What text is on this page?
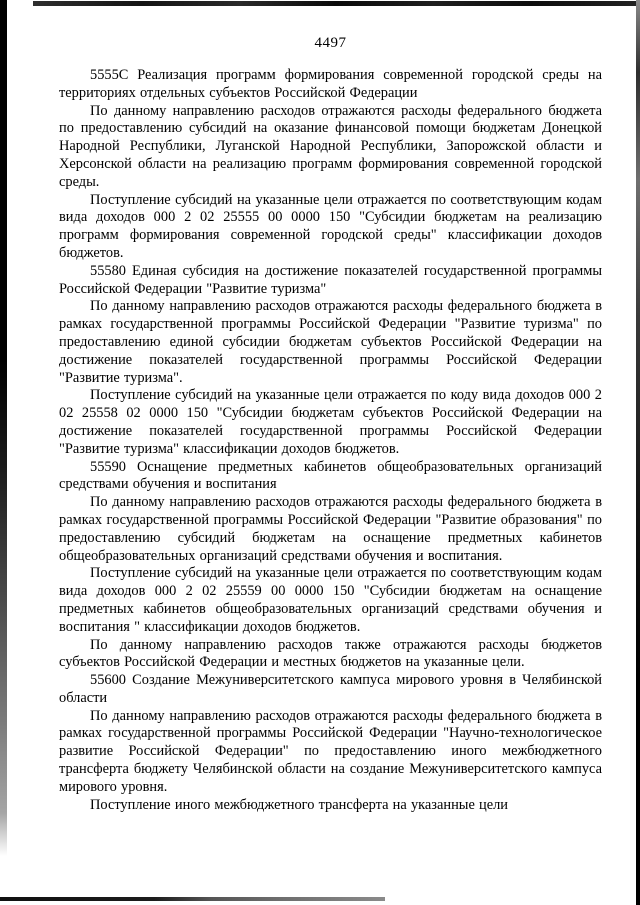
4497

5555C Реализация программ формирования современной городской среды на территориях отдельных субъектов Российской Федерации

По данному направлению расходов отражаются расходы федерального бюджета по предоставлению субсидий на оказание финансовой помощи бюджетам Донецкой Народной Республики, Луганской Народной Республики, Запорожской области и Херсонской области на реализацию программ формирования современной городской среды.

Поступление субсидий на указанные цели отражается по соответствующим кодам вида доходов 000 2 02 25555 00 0000 150 "Субсидии бюджетам на реализацию программ формирования современной городской среды" классификации доходов бюджетов.

55580 Единая субсидия на достижение показателей государственной программы Российской Федерации "Развитие туризма"

По данному направлению расходов отражаются расходы федерального бюджета в рамках государственной программы Российской Федерации "Развитие туризма" по предоставлению единой субсидии бюджетам субъектов Российской Федерации на достижение показателей государственной программы Российской Федерации "Развитие туризма".

Поступление субсидий на указанные цели отражается по коду вида доходов 000 2 02 25558 02 0000 150 "Субсидии бюджетам субъектов Российской Федерации на достижение показателей государственной программы Российской Федерации "Развитие туризма" классификации доходов бюджетов.

55590 Оснащение предметных кабинетов общеобразовательных организаций средствами обучения и воспитания

По данному направлению расходов отражаются расходы федерального бюджета в рамках государственной программы Российской Федерации "Развитие образования" по предоставлению субсидий бюджетам на оснащение предметных кабинетов общеобразовательных организаций средствами обучения и воспитания.

Поступление субсидий на указанные цели отражается по соответствующим кодам вида доходов 000 2 02 25559 00 0000 150 "Субсидии бюджетам на оснащение предметных кабинетов общеобразовательных организаций средствами обучения и воспитания " классификации доходов бюджетов.

По данному направлению расходов также отражаются расходы бюджетов субъектов Российской Федерации и местных бюджетов на указанные цели.

55600 Создание Межуниверситетского кампуса мирового уровня в Челябинской области

По данному направлению расходов отражаются расходы федерального бюджета в рамках государственной программы Российской Федерации "Научно-технологическое развитие Российской Федерации" по предоставлению иного межбюджетного трансферта бюджету Челябинской области на создание Межуниверситетского кампуса мирового уровня.

Поступление иного межбюджетного трансферта на указанные цели
